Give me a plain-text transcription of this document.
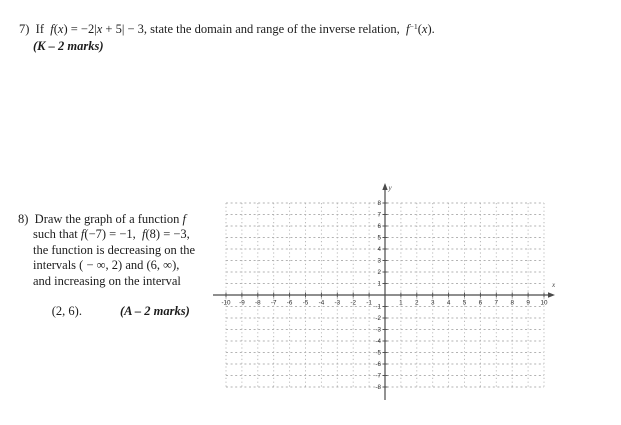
7)  If  f(x) = −2|x + 5| − 3, state the domain and range of the inverse relation,  $f^{-1}(x)$.
(K – 2 marks)
8)  Draw the graph of a function f
such that f(−7) = −1,  f(8) = −3,
the function is decreasing on the
intervals ( − ∞, 2) and (6, ∞),
and increasing on the interval

(2, 6).	(A – 2 marks)

-10 -9 -8 -7 -6 -5 -4 -3 -2 -1	1 2 3 4 5 6 7 8 9 10
-8
-7
-6
-5
-4
-3
-2
-1
1
2
3
4
5
6
7
8
x
y
